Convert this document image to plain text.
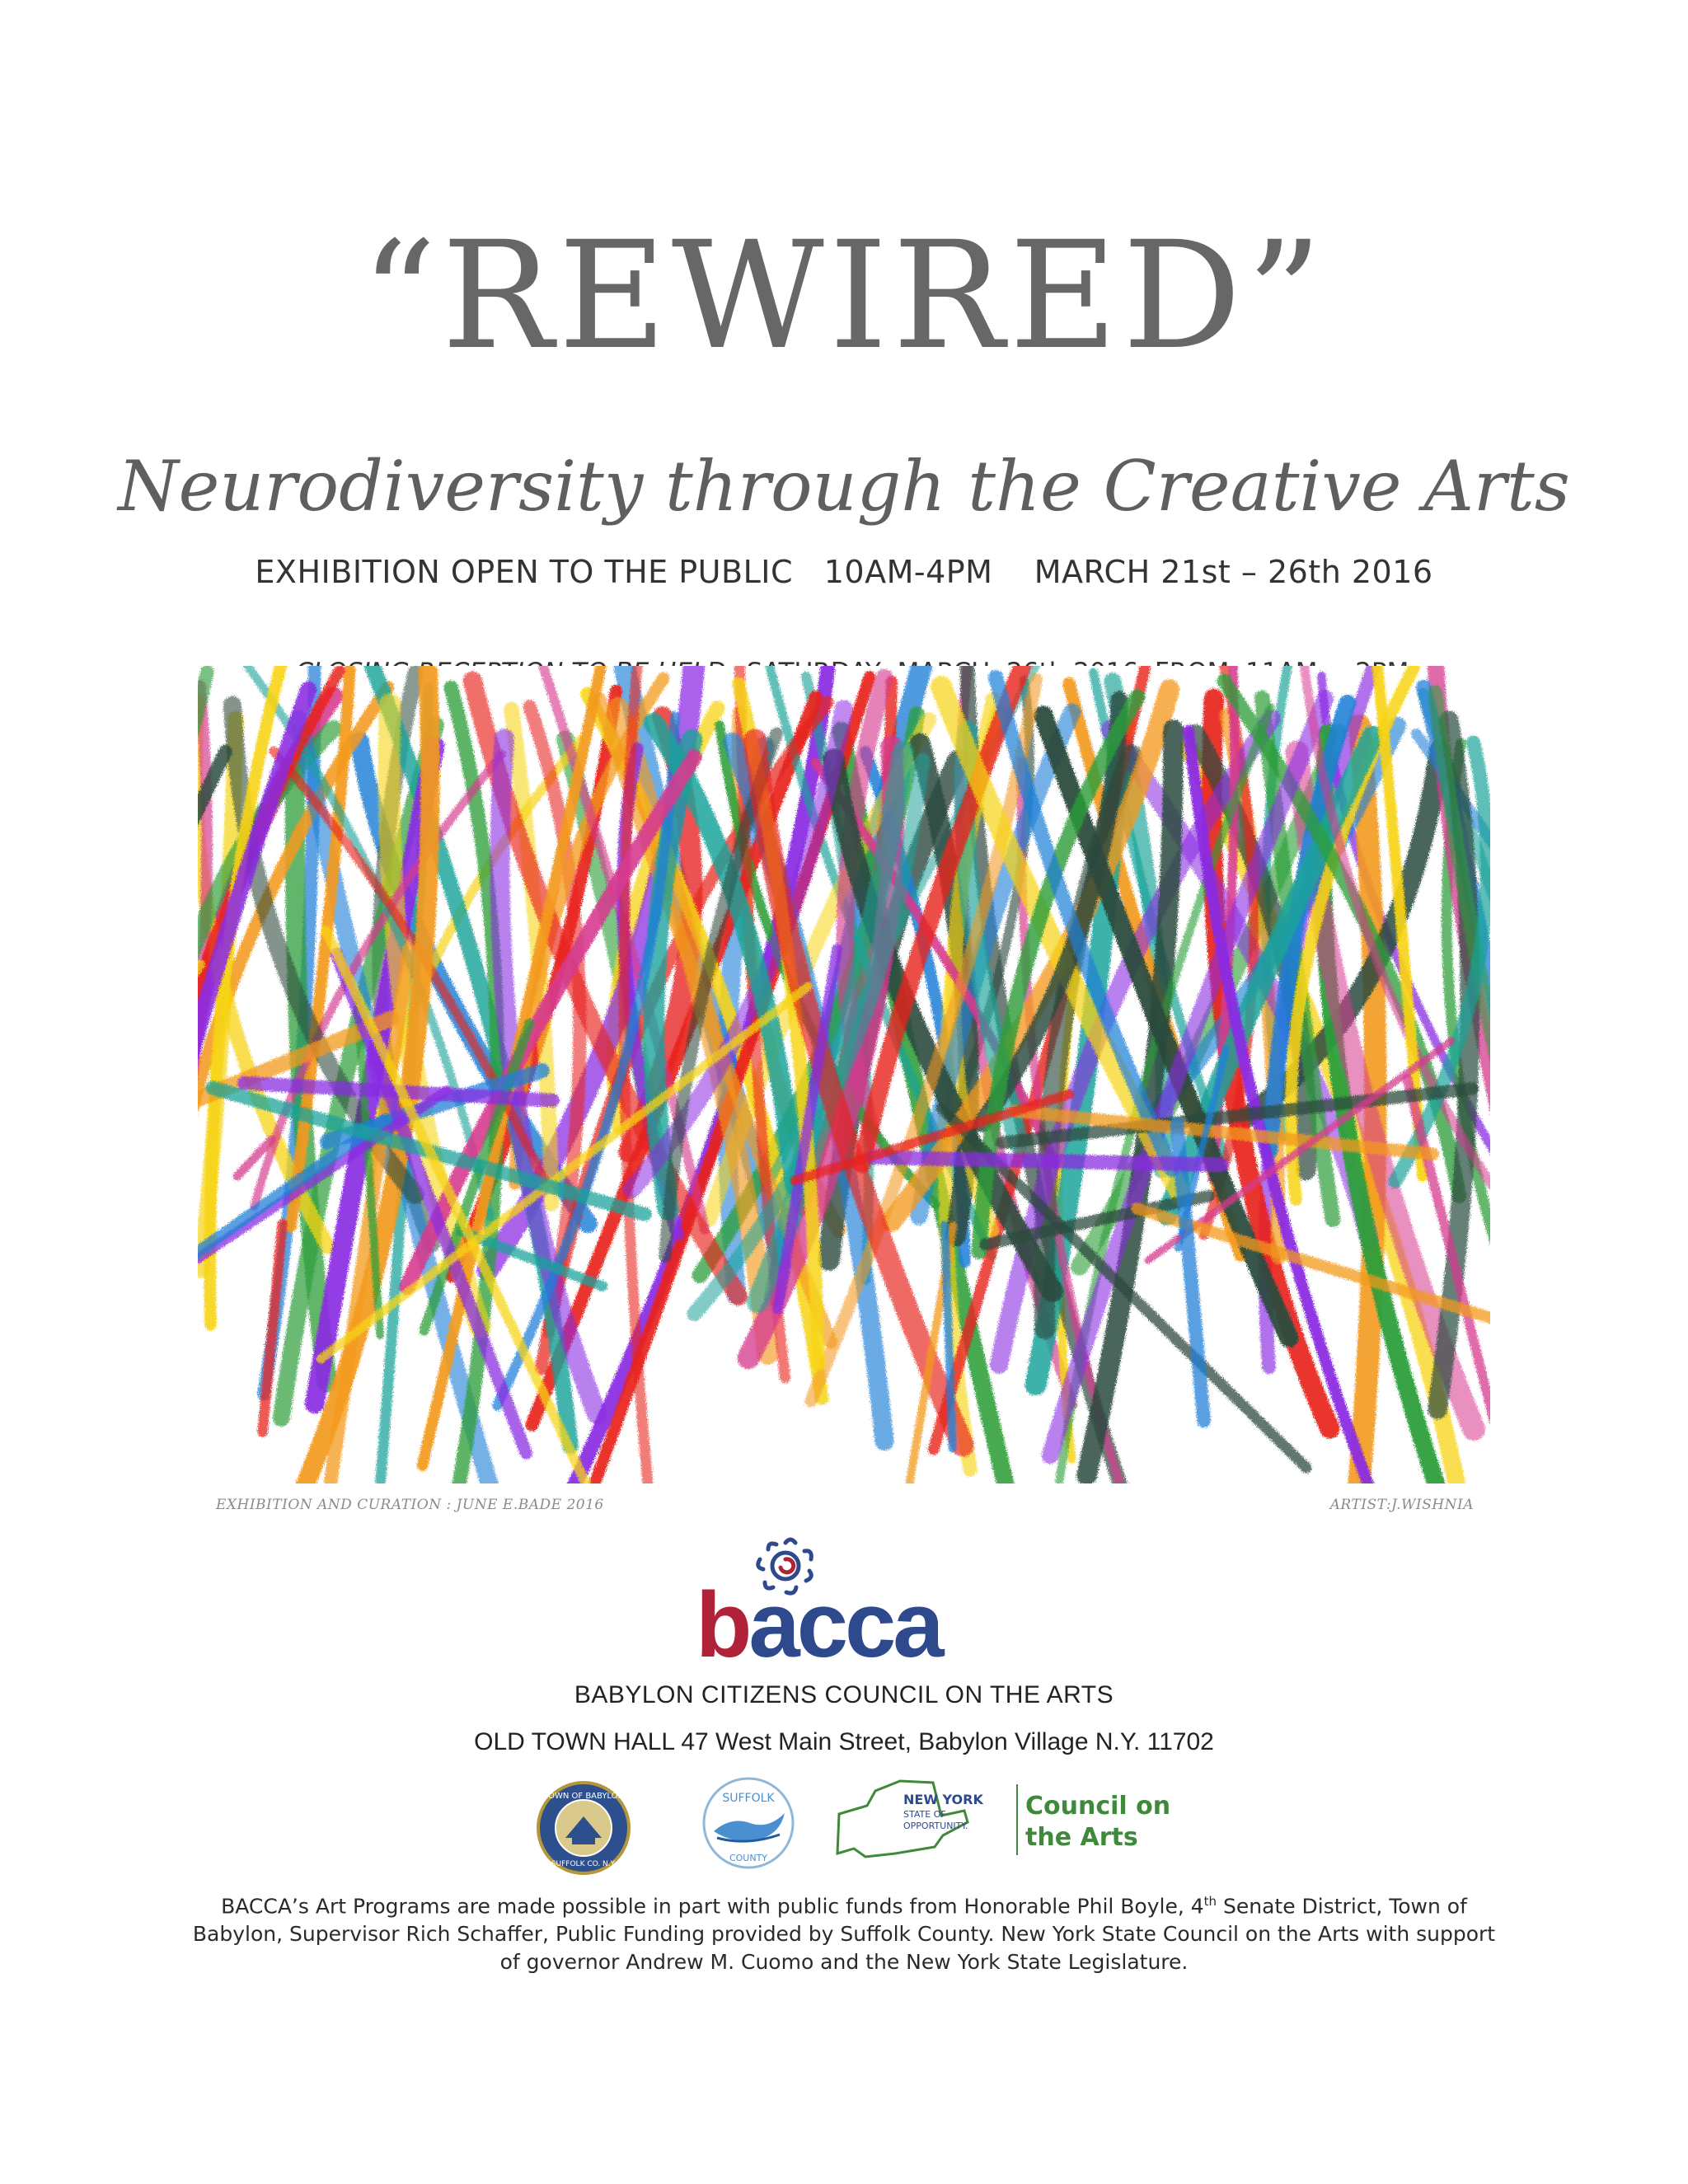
“REWIRED”
Neurodiversity through the Creative Arts
EXHIBITION OPEN TO THE PUBLIC   10AM-4PM    MARCH 21st – 26th 2016

EXHIBITION AND CURATION : JUNE E.BADE 2016	ARTIST:J.WISHNIA
bacca
BABYLON CITIZENS COUNCIL ON THE ARTS
OLD TOWN HALL 47 West Main Street, Babylon Village N.Y. 11702
TOWN OF BABYLON
SUFFOLK CO. N.Y.
SUFFOLK
COUNTY
NEW YORK
STATE OF
OPPORTUNITY.
Council on
the Arts
BACCA’s Art Programs are made possible in part with public funds from Honorable Phil Boyle, 4th Senate District, Town of Babylon, Supervisor Rich Schaffer, Public Funding provided by Suffolk County. New York State Council on the Arts with support of governor Andrew M. Cuomo and the New York State Legislature.
